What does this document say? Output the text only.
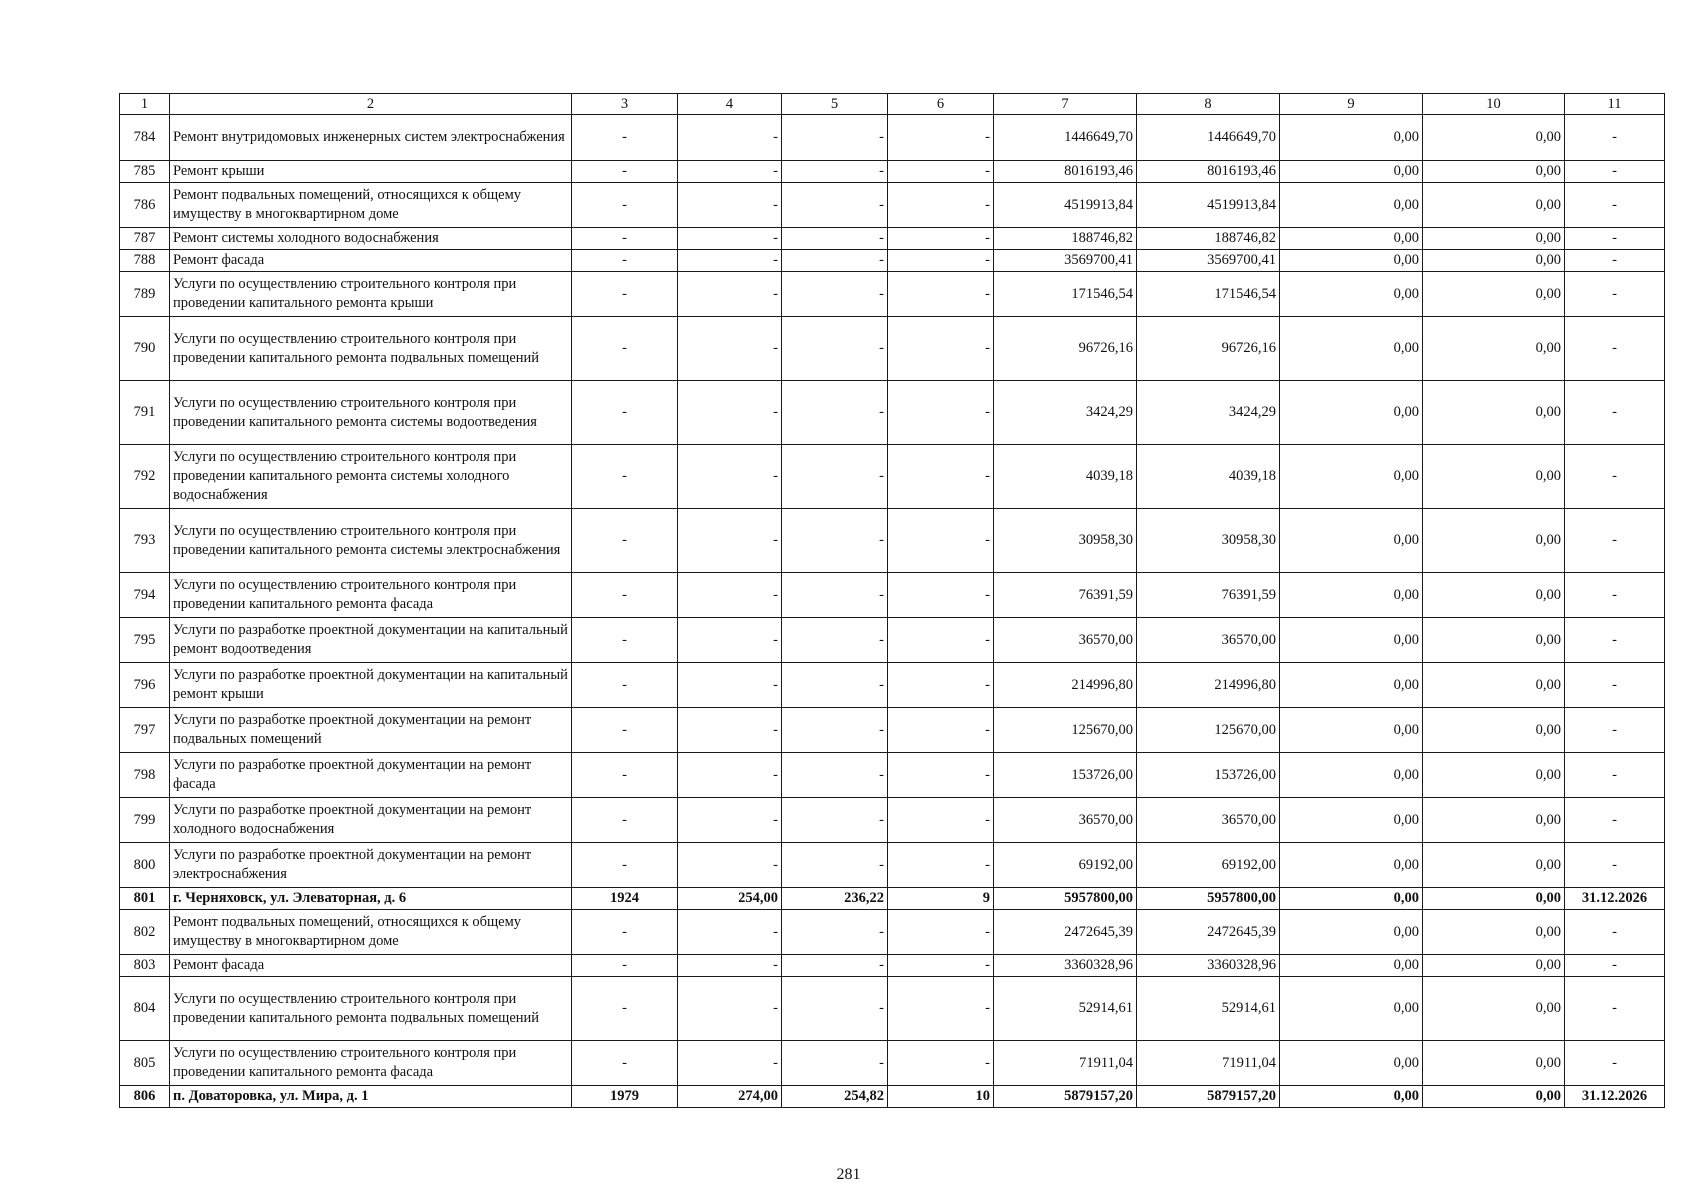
1	2	3	4	5	6	7	8	9	10	11
784	Ремонт внутридомовых инженерных систем электроснабжения	-	-	-	-	1446649,70	1446649,70	0,00	0,00	-
785	Ремонт крыши	-	-	-	-	8016193,46	8016193,46	0,00	0,00	-
786	Ремонт подвальных помещений, относящихся к общему имуществу в многоквартирном доме	-	-	-	-	4519913,84	4519913,84	0,00	0,00	-
787	Ремонт системы холодного водоснабжения	-	-	-	-	188746,82	188746,82	0,00	0,00	-
788	Ремонт фасада	-	-	-	-	3569700,41	3569700,41	0,00	0,00	-
789	Услуги по осуществлению строительного контроля при проведении капитального ремонта крыши	-	-	-	-	171546,54	171546,54	0,00	0,00	-
790	Услуги по осуществлению строительного контроля при проведении капитального ремонта подвальных помещений	-	-	-	-	96726,16	96726,16	0,00	0,00	-
791	Услуги по осуществлению строительного контроля при проведении капитального ремонта системы водоотведения	-	-	-	-	3424,29	3424,29	0,00	0,00	-
792	Услуги по осуществлению строительного контроля при проведении капитального ремонта системы холодного водоснабжения	-	-	-	-	4039,18	4039,18	0,00	0,00	-
793	Услуги по осуществлению строительного контроля при проведении капитального ремонта системы электроснабжения	-	-	-	-	30958,30	30958,30	0,00	0,00	-
794	Услуги по осуществлению строительного контроля при проведении капитального ремонта фасада	-	-	-	-	76391,59	76391,59	0,00	0,00	-
795	Услуги по разработке проектной документации на капитальный ремонт водоотведения	-	-	-	-	36570,00	36570,00	0,00	0,00	-
796	Услуги по разработке проектной документации на капитальный ремонт крыши	-	-	-	-	214996,80	214996,80	0,00	0,00	-
797	Услуги по разработке проектной документации на ремонт подвальных помещений	-	-	-	-	125670,00	125670,00	0,00	0,00	-
798	Услуги по разработке проектной документации на ремонт фасада	-	-	-	-	153726,00	153726,00	0,00	0,00	-
799	Услуги по разработке проектной документации на ремонт холодного водоснабжения	-	-	-	-	36570,00	36570,00	0,00	0,00	-
800	Услуги по разработке проектной документации на ремонт электроснабжения	-	-	-	-	69192,00	69192,00	0,00	0,00	-
801	г. Черняховск, ул. Элеваторная, д. 6	1924	254,00	236,22	9	5957800,00	5957800,00	0,00	0,00	31.12.2026
802	Ремонт подвальных помещений, относящихся к общему имуществу в многоквартирном доме	-	-	-	-	2472645,39	2472645,39	0,00	0,00	-
803	Ремонт фасада	-	-	-	-	3360328,96	3360328,96	0,00	0,00	-
804	Услуги по осуществлению строительного контроля при проведении капитального ремонта подвальных помещений	-	-	-	-	52914,61	52914,61	0,00	0,00	-
805	Услуги по осуществлению строительного контроля при проведении капитального ремонта фасада	-	-	-	-	71911,04	71911,04	0,00	0,00	-
806	п. Доваторовка, ул. Мира, д. 1	1979	274,00	254,82	10	5879157,20	5879157,20	0,00	0,00	31.12.2026
281
